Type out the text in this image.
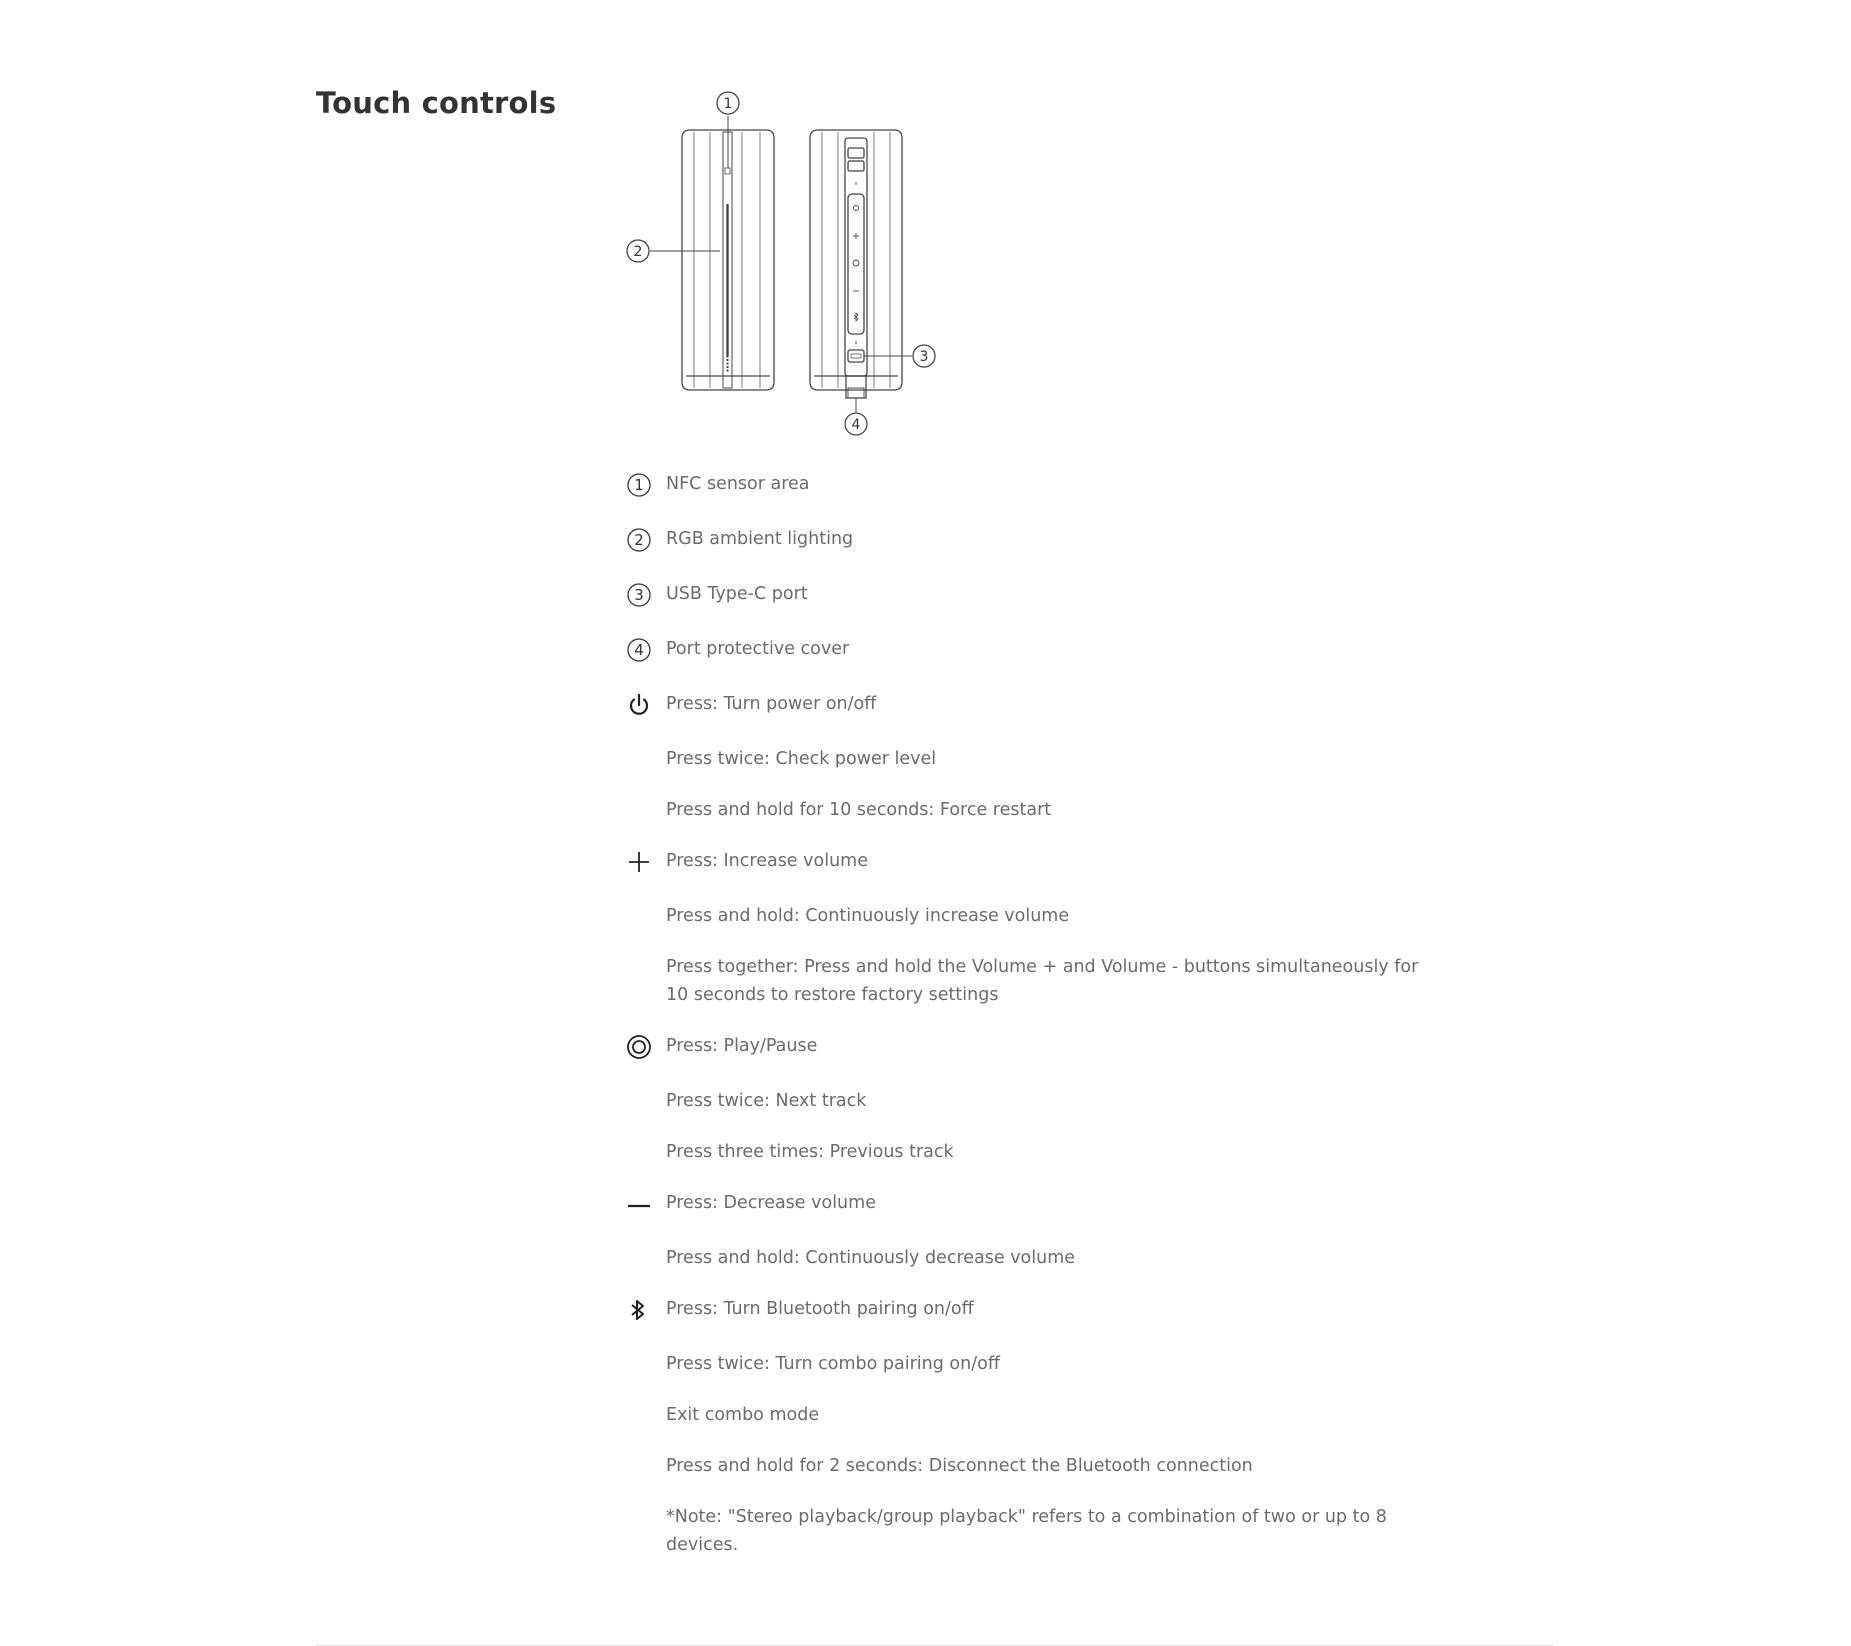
Touch controls	1
2
3
4
1 NFC sensor area
2 RGB ambient lighting
3 USB Type-C port
4 Port protective cover
Press: Turn power on/off
Press twice: Check power level
Press and hold for 10 seconds: Force restart
Press: Increase volume
Press and hold: Continuously increase volume
Press together: Press and hold the Volume + and Volume - buttons simultaneously for 10 seconds to restore factory settings
Press: Play/Pause
Press twice: Next track
Press three times: Previous track
Press: Decrease volume
Press and hold: Continuously decrease volume
Press: Turn Bluetooth pairing on/off
Press twice: Turn combo pairing on/off
Exit combo mode
Press and hold for 2 seconds: Disconnect the Bluetooth connection
*Note: "Stereo playback/group playback" refers to a combination of two or up to 8 devices.
